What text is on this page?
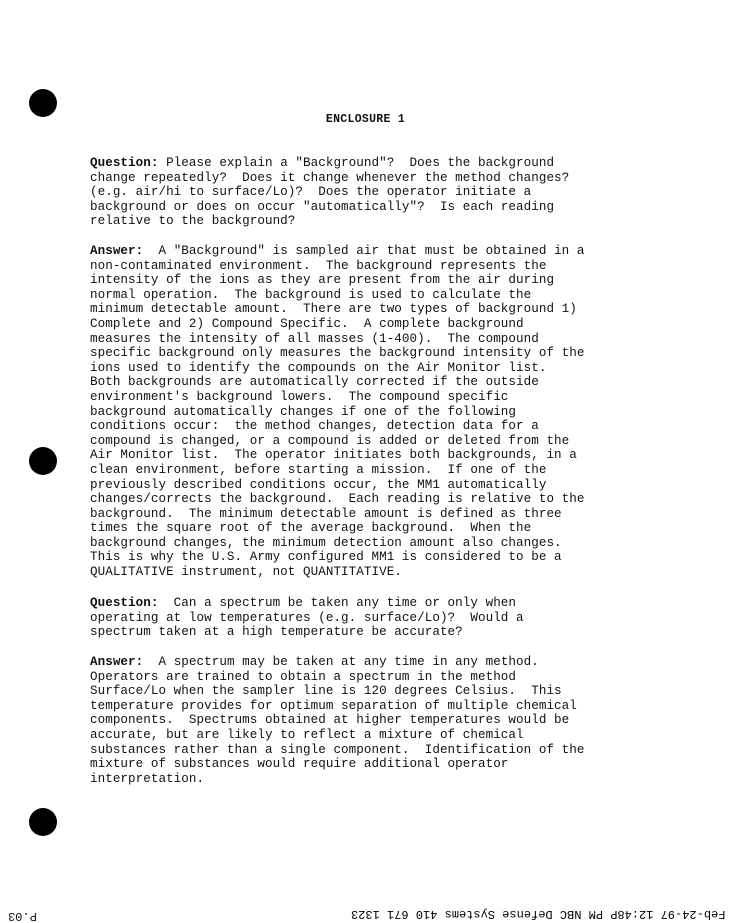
ENCLOSURE 1
Question: Please explain a "Background"?  Does the background
change repeatedly?  Does it change whenever the method changes?
(e.g. air/hi to surface/Lo)?  Does the operator initiate a
background or does on occur "automatically"?  Is each reading
relative to the background?
Answer:  A "Background" is sampled air that must be obtained in a
non-contaminated environment.  The background represents the
intensity of the ions as they are present from the air during
normal operation.  The background is used to calculate the
minimum detectable amount.  There are two types of background 1)
Complete and 2) Compound Specific.  A complete background
measures the intensity of all masses (1-400).  The compound
specific background only measures the background intensity of the
ions used to identify the compounds on the Air Monitor list.
Both backgrounds are automatically corrected if the outside
environment's background lowers.  The compound specific
background automatically changes if one of the following
conditions occur:  the method changes, detection data for a
compound is changed, or a compound is added or deleted from the
Air Monitor list.  The operator initiates both backgrounds, in a
clean environment, before starting a mission.  If one of the
previously described conditions occur, the MM1 automatically
changes/corrects the background.  Each reading is relative to the
background.  The minimum detectable amount is defined as three
times the square root of the average background.  When the
background changes, the minimum detection amount also changes.
This is why the U.S. Army configured MM1 is considered to be a
QUALITATIVE instrument, not QUANTITATIVE.
Question:  Can a spectrum be taken any time or only when
operating at low temperatures (e.g. surface/Lo)?  Would a
spectrum taken at a high temperature be accurate?
Answer:  A spectrum may be taken at any time in any method.
Operators are trained to obtain a spectrum in the method
Surface/Lo when the sampler line is 120 degrees Celsius.  This
temperature provides for optimum separation of multiple chemical
components.  Spectrums obtained at higher temperatures would be
accurate, but are likely to reflect a mixture of chemical
substances rather than a single component.  Identification of the
mixture of substances would require additional operator
interpretation.
Feb-24-97 12:48P PM NBC Defense Systems 410 671 1323
P.03
